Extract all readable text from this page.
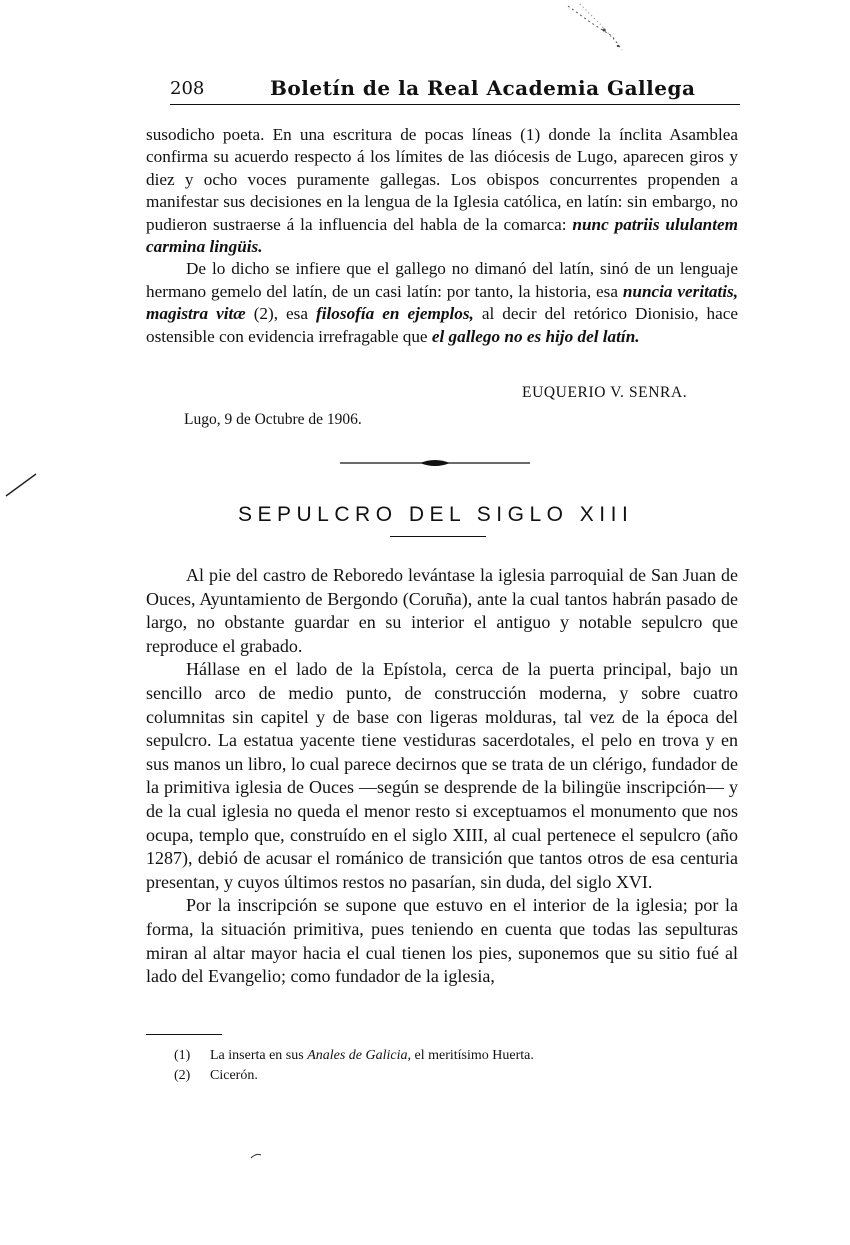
208	Boletín de la Real Academia Gallega

susodicho poeta. En una escritura de pocas líneas (1) donde la ínclita Asamblea confirma su acuerdo respecto á los límites de las diócesis de Lugo, aparecen giros y diez y ocho voces puramente gallegas. Los obispos concurrentes propenden a manifestar sus decisiones en la lengua de la Iglesia católica, en latín: sin embargo, no pudieron sustraerse á la influencia del habla de la comarca: nunc patriis ululantem carmina lingüis.

De lo dicho se infiere que el gallego no dimanó del latín, sinó de un lenguaje hermano gemelo del latín, de un casi latín: por tanto, la historia, esa nuncia veritatis, magistra vitæ (2), esa filosofía en ejemplos, al decir del retórico Dionisio, hace ostensible con evidencia irrefragable que el gallego no es hijo del latín.

EUQUERIO V. SENRA.
Lugo, 9 de Octubre de 1906.
SEPULCRO DEL SIGLO XIII

Al pie del castro de Reboredo levántase la iglesia parroquial de San Juan de Ouces, Ayuntamiento de Bergondo (Coruña), ante la cual tantos habrán pasado de largo, no obstante guardar en su interior el antiguo y notable sepulcro que reproduce el grabado.

Hállase en el lado de la Epístola, cerca de la puerta principal, bajo un sencillo arco de medio punto, de construcción moderna, y sobre cuatro columnitas sin capitel y de base con ligeras molduras, tal vez de la época del sepulcro. La estatua yacente tiene vestiduras sacerdotales, el pelo en trova y en sus manos un libro, lo cual parece decirnos que se trata de un clérigo, fundador de la primitiva iglesia de Ouces —según se desprende de la bilingüe inscripción— y de la cual iglesia no queda el menor resto si exceptuamos el monumento que nos ocupa, templo que, construído en el siglo XIII, al cual pertenece el sepulcro (año 1287), debió de acusar el románico de transición que tantos otros de esa centuria presentan, y cuyos últimos restos no pasarían, sin duda, del siglo XVI.

Por la inscripción se supone que estuvo en el interior de la iglesia; por la forma, la situación primitiva, pues teniendo en cuenta que todas las sepulturas miran al altar mayor hacia el cual tienen los pies, suponemos que su sitio fué al lado del Evangelio; como fundador de la iglesia,

(1) La inserta en sus Anales de Galicia, el meritísimo Huerta.
(2) Cicerón.
